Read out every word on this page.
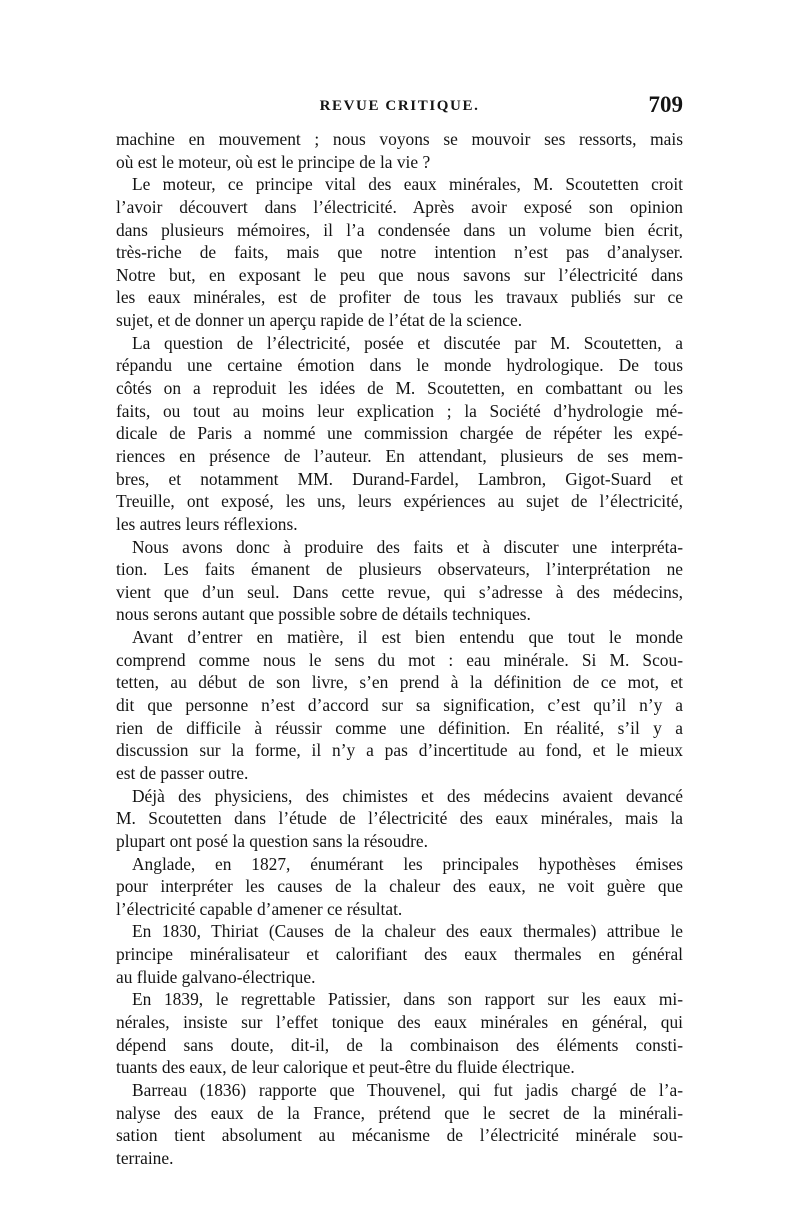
REVUE CRITIQUE.	709
machine en mouvement ; nous voyons se mouvoir ses ressorts, mais
où est le moteur, où est le principe de la vie ?
Le moteur, ce principe vital des eaux minérales, M. Scoutetten croit
l’avoir découvert dans l’électricité. Après avoir exposé son opinion
dans plusieurs mémoires, il l’a condensée dans un volume bien écrit,
très-riche de faits, mais que notre intention n’est pas d’analyser.
Notre but, en exposant le peu que nous savons sur l’électricité dans
les eaux minérales, est de profiter de tous les travaux publiés sur ce
sujet, et de donner un aperçu rapide de l’état de la science.
La question de l’électricité, posée et discutée par M. Scoutetten, a
répandu une certaine émotion dans le monde hydrologique. De tous
côtés on a reproduit les idées de M. Scoutetten, en combattant ou les
faits, ou tout au moins leur explication ; la Société d’hydrologie mé-
dicale de Paris a nommé une commission chargée de répéter les expé-
riences en présence de l’auteur. En attendant, plusieurs de ses mem-
bres, et notamment MM. Durand-Fardel, Lambron, Gigot-Suard et
Treuille, ont exposé, les uns, leurs expériences au sujet de l’électricité,
les autres leurs réflexions.
Nous avons donc à produire des faits et à discuter une interpréta-
tion. Les faits émanent de plusieurs observateurs, l’interprétation ne
vient que d’un seul. Dans cette revue, qui s’adresse à des médecins,
nous serons autant que possible sobre de détails techniques.
Avant d’entrer en matière, il est bien entendu que tout le monde
comprend comme nous le sens du mot : eau minérale. Si M. Scou-
tetten, au début de son livre, s’en prend à la définition de ce mot, et
dit que personne n’est d’accord sur sa signification, c’est qu’il n’y a
rien de difficile à réussir comme une définition. En réalité, s’il y a
discussion sur la forme, il n’y a pas d’incertitude au fond, et le mieux
est de passer outre.
Déjà des physiciens, des chimistes et des médecins avaient devancé
M. Scoutetten dans l’étude de l’électricité des eaux minérales, mais la
plupart ont posé la question sans la résoudre.
Anglade, en 1827, énumérant les principales hypothèses émises
pour interpréter les causes de la chaleur des eaux, ne voit guère que
l’électricité capable d’amener ce résultat.
En 1830, Thiriat (Causes de la chaleur des eaux thermales) attribue le
principe minéralisateur et calorifiant des eaux thermales en général
au fluide galvano-électrique.
En 1839, le regrettable Patissier, dans son rapport sur les eaux mi-
nérales, insiste sur l’effet tonique des eaux minérales en général, qui
dépend sans doute, dit-il, de la combinaison des éléments consti-
tuants des eaux, de leur calorique et peut-être du fluide électrique.
Barreau (1836) rapporte que Thouvenel, qui fut jadis chargé de l’a-
nalyse des eaux de la France, prétend que le secret de la minérali-
sation tient absolument au mécanisme de l’électricité minérale sou-
terraine.
